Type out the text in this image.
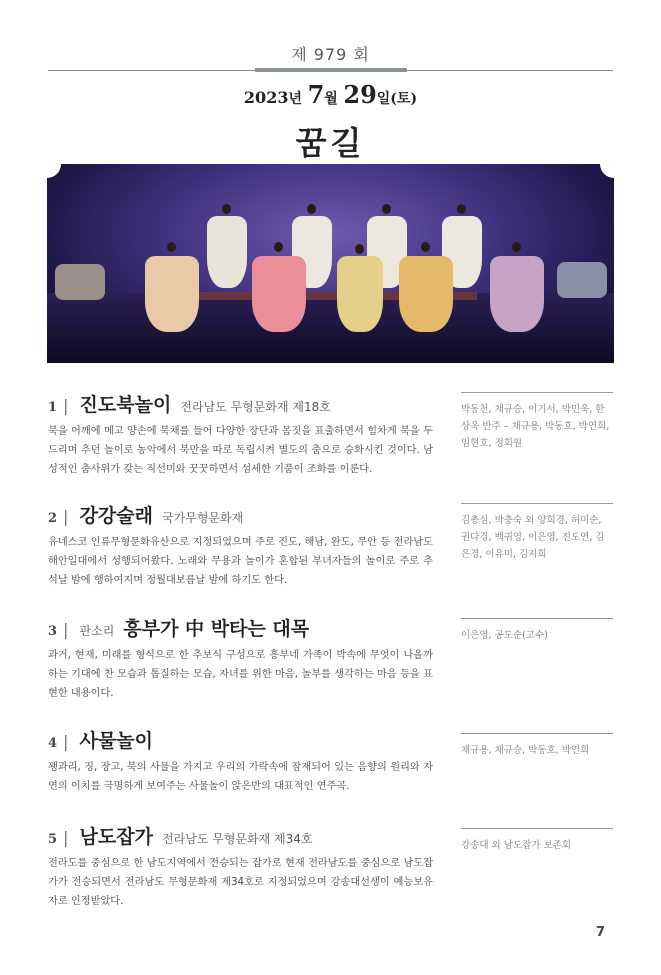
제 979 회
2023년 7월 29일(토)
꿈길
1 | 진도북놀이 전라남도 무형문화재 제18호
북을 어깨에 메고 양손에 북채를 들어 다양한 장단과 몸짓을 표출하면서 힘차게 북을 두드리며 추던 놀이로 농악에서 북만을 따로 독립시켜 별도의 춤으로 승화시킨 것이다. 남성적인 춤사위가 갖는 직선미와 꿋꿋하면서 섬세한 기품이 조화를 이룬다.
박동천, 채규승, 이기서, 박민욱, 한상욱 반주 – 채규용, 박동호, 박연희, 임현호, 정회원
2 | 강강술래 국가무형문화재
유네스코 인류무형문화유산으로 지정되었으며 주로 진도, 해남, 완도, 무안 등 전라남도 해안일대에서 성행되어왔다. 노래와 무용과 놀이가 혼합된 부녀자들의 놀이로 주로 추석날 밤에 행하여지며 정월대보름날 밤에 하기도 한다.
김총심, 박충숙 외 양희경, 허미순, 권다경, 백귀영, 이은영, 전도연, 김은경, 이유미, 김지희
3 | 판소리 흥부가 中 박타는 대목
과거, 현재, 미래를 형식으로 한 추보식 구성으로 흥부네 가족이 박속에 무엇이 나올까 하는 기대에 찬 모습과 톱질하는 모습, 자녀를 위한 마음, 놀부를 생각하는 마음 등을 표현한 내용이다.
이은영, 공도순(고수)
4 | 사물놀이
꽹과리, 징, 장고, 북의 사물을 가지고 우리의 가락속에 잠재되어 있는 음향의 원리와 자연의 이치를 극명하게 보여주는 사물놀이 앉은반의 대표적인 연주곡.
채규용, 채규승, 박동호, 박연희
5 | 남도잡가 전라남도 무형문화재 제34호
전라도를 중심으로 한 남도지역에서 전승되는 잡가로 현재 전라남도를 중심으로 남도잡가가 전승되면서 전라남도 무형문화재 제34호로 지정되었으며 강송대선생이 예능보유자로 인정받았다.
강송대 외 남도잡가 보존회
7
